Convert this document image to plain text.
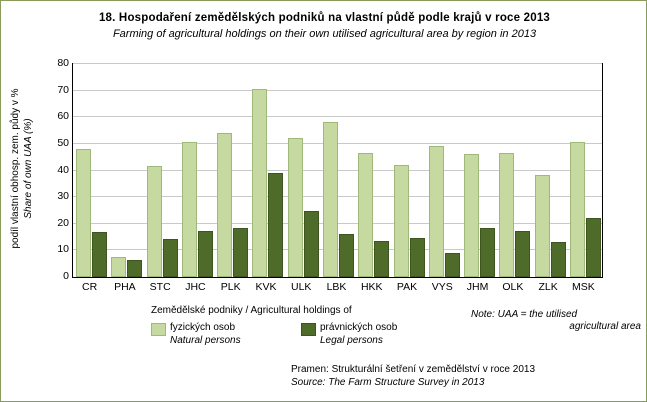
18. Hospodaření zemědělských podniků na vlastní půdě podle krajů v roce 2013
Farming of agricultural holdings on their own utilised agricultural area by region in 2013
podíl vlastní obhosp. zem. půdy v % Share of own UAA (%)
0
10
20
30
40
50
60
70
80
Zemědělské podniky / Agricultural holdings of
fyzických osob
Natural persons
právnických osob
Legal persons
Note: UAA = the utilised
agricultural area
Pramen: Strukturální šetření v zemědělství v roce 2013
Source: The Farm Structure Survey in 2013
CR	PHA	STC	JHC	PLK	KVK	ULK	LBK	HKK	PAK	VYS	JHM	OLK	ZLK	MSK
